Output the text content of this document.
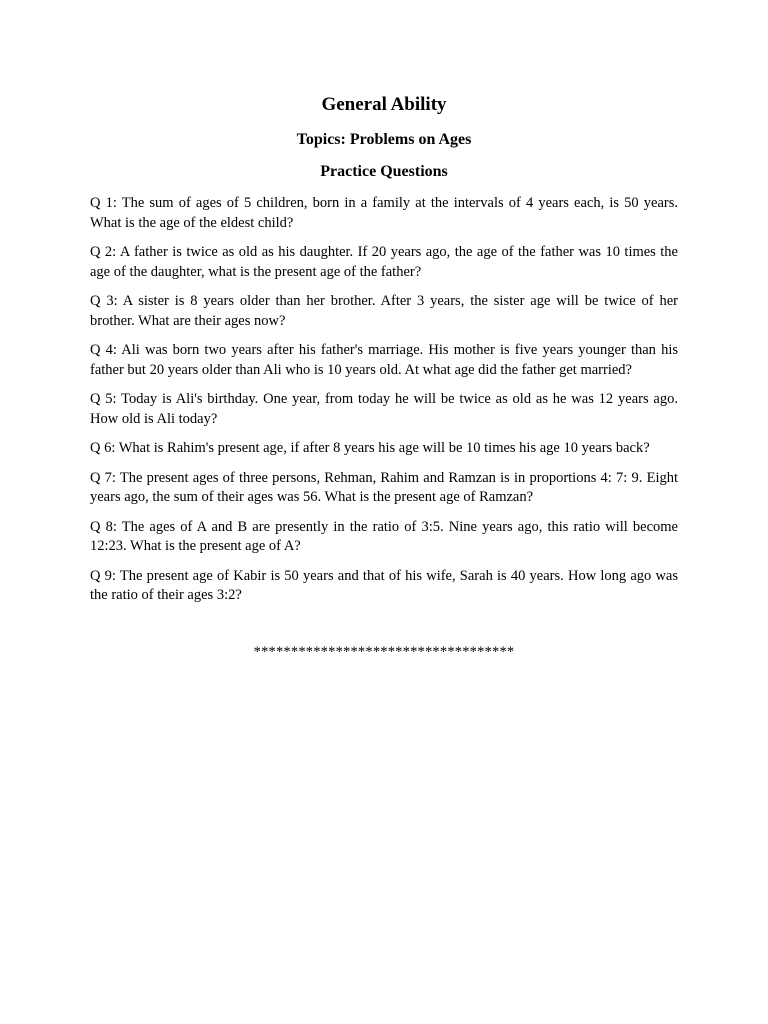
General Ability
Topics: Problems on Ages
Practice Questions
Q 1: The sum of ages of 5 children, born in a family at the intervals of 4 years each, is 50 years. What is the age of the eldest child?
Q 2: A father is twice as old as his daughter. If 20 years ago, the age of the father was 10 times the age of the daughter, what is the present age of the father?
Q 3: A sister is 8 years older than her brother. After 3 years, the sister age will be twice of her brother. What are their ages now?
Q 4: Ali was born two years after his father's marriage. His mother is five years younger than his father but 20 years older than Ali who is 10 years old. At what age did the father get married?
Q 5: Today is Ali's birthday. One year, from today he will be twice as old as he was 12 years ago. How old is Ali today?
Q 6: What is Rahim's present age, if after 8 years his age will be 10 times his age 10 years back?
Q 7: The present ages of three persons, Rehman, Rahim and Ramzan is in proportions 4: 7: 9. Eight years ago, the sum of their ages was 56. What is the present age of Ramzan?
Q 8: The ages of A and B are presently in the ratio of 3:5. Nine years ago, this ratio will become 12:23. What is the present age of A?
Q 9: The present age of Kabir is 50 years and that of his wife, Sarah is 40 years. How long ago was the ratio of their ages 3:2?

***********************************
